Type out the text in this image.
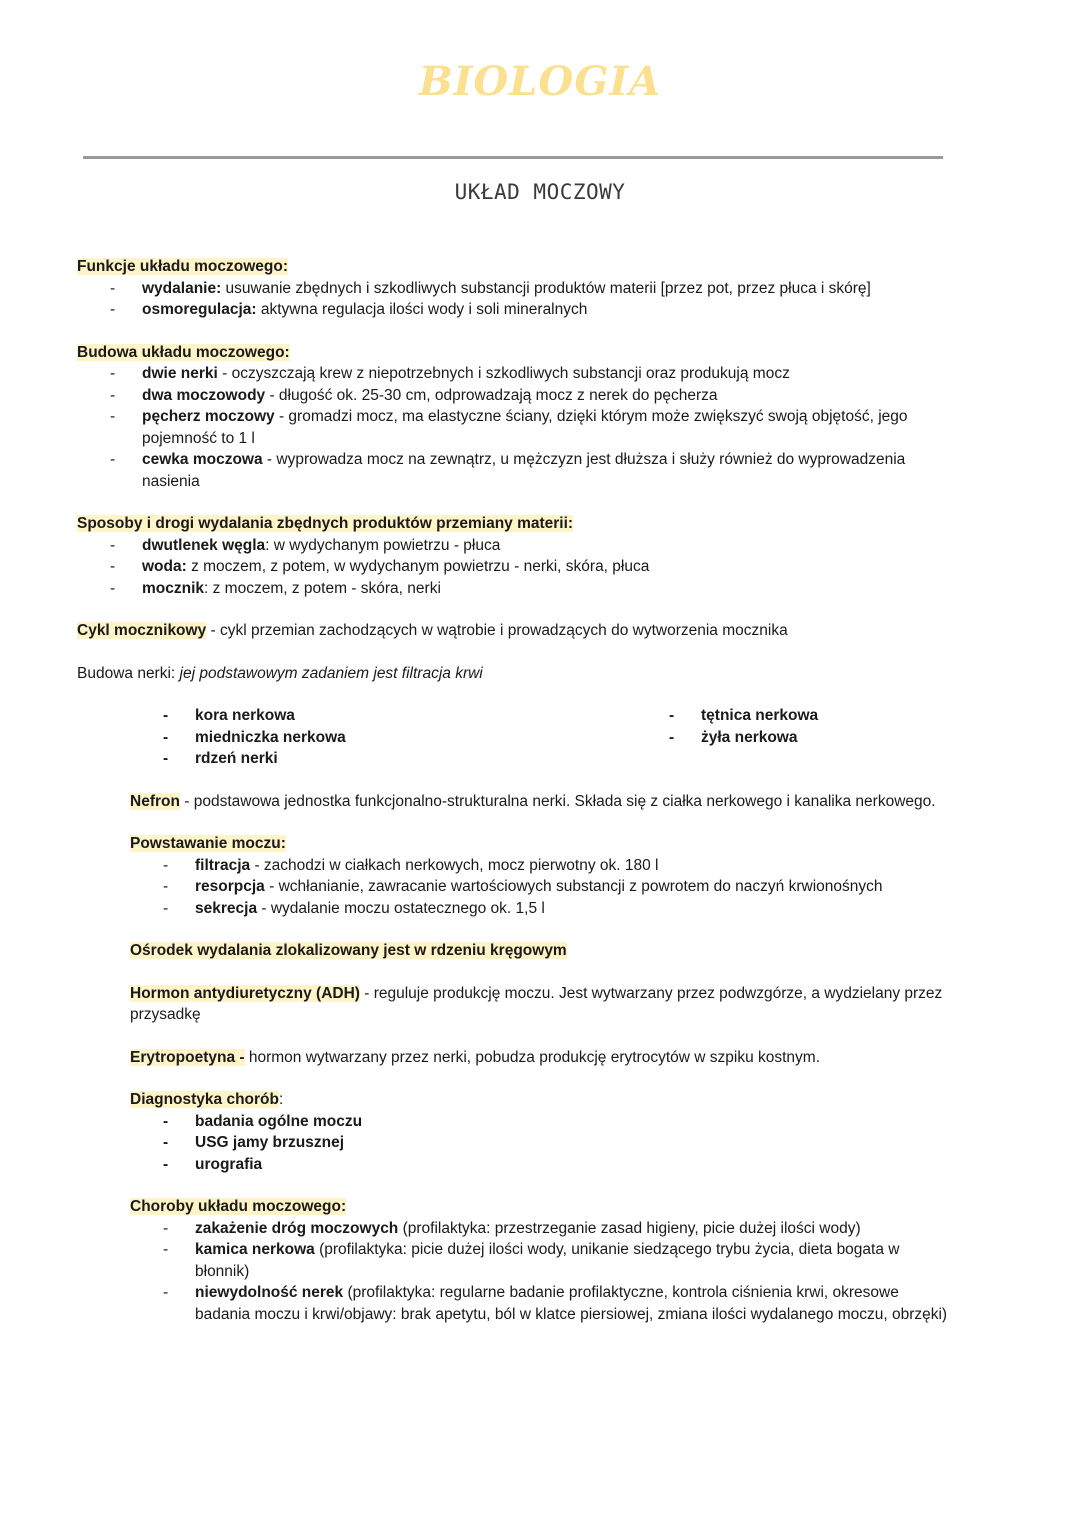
BIOLOGIA
UKŁAD MOCZOWY
Funkcje układu moczowego:
- wydalanie: usuwanie zbędnych i szkodliwych substancji produktów materii [przez pot, przez płuca i skórę]
- osmoregulacja: aktywna regulacja ilości wody i soli mineralnych
Budowa układu moczowego:
- dwie nerki - oczyszczają krew z niepotrzebnych i szkodliwych substancji oraz produkują mocz
- dwa moczowody - długość ok. 25-30 cm, odprowadzają mocz z nerek do pęcherza
- pęcherz moczowy - gromadzi mocz, ma elastyczne ściany, dzięki którym może zwiększyć swoją objętość, jego pojemność to 1 l
- cewka moczowa - wyprowadza mocz na zewnątrz, u mężczyzn jest dłuższa i służy również do wyprowadzenia nasienia
Sposoby i drogi wydalania zbędnych produktów przemiany materii:
- dwutlenek węgla: w wydychanym powietrzu - płuca
- woda: z moczem, z potem, w wydychanym powietrzu - nerki, skóra, płuca
- mocznik: z moczem, z potem - skóra, nerki
Cykl mocznikowy - cykl przemian zachodzących w wątrobie i prowadzących do wytworzenia mocznika
Budowa nerki: jej podstawowym zadaniem jest filtracja krwi
- kora nerkowa
- miedniczka nerkowa
- rdzeń nerki
- tętnica nerkowa
- żyła nerkowa
Nefron - podstawowa jednostka funkcjonalno-strukturalna nerki. Składa się z ciałka nerkowego i kanalika nerkowego.
Powstawanie moczu:
- filtracja - zachodzi w ciałkach nerkowych, mocz pierwotny ok. 180 l
- resorpcja - wchłanianie, zawracanie wartościowych substancji z powrotem do naczyń krwionośnych
- sekrecja - wydalanie moczu ostatecznego ok. 1,5 l
Ośrodek wydalania zlokalizowany jest w rdzeniu kręgowym
Hormon antydiuretyczny (ADH) - reguluje produkcję moczu. Jest wytwarzany przez podwzgórze, a wydzielany przez przysadkę
Erytropoetyna - hormon wytwarzany przez nerki, pobudza produkcję erytrocytów w szpiku kostnym.
Diagnostyka chorób:
- badania ogólne moczu
- USG jamy brzusznej
- urografia
Choroby układu moczowego:
- zakażenie dróg moczowych (profilaktyka: przestrzeganie zasad higieny, picie dużej ilości wody)
- kamica nerkowa (profilaktyka: picie dużej ilości wody, unikanie siedzącego trybu życia, dieta bogata w błonnik)
- niewydolność nerek (profilaktyka: regularne badanie profilaktyczne, kontrola ciśnienia krwi, okresowe badania moczu i krwi/objawy: brak apetytu, ból w klatce piersiowej, zmiana ilości wydalanego moczu, obrzęki)
